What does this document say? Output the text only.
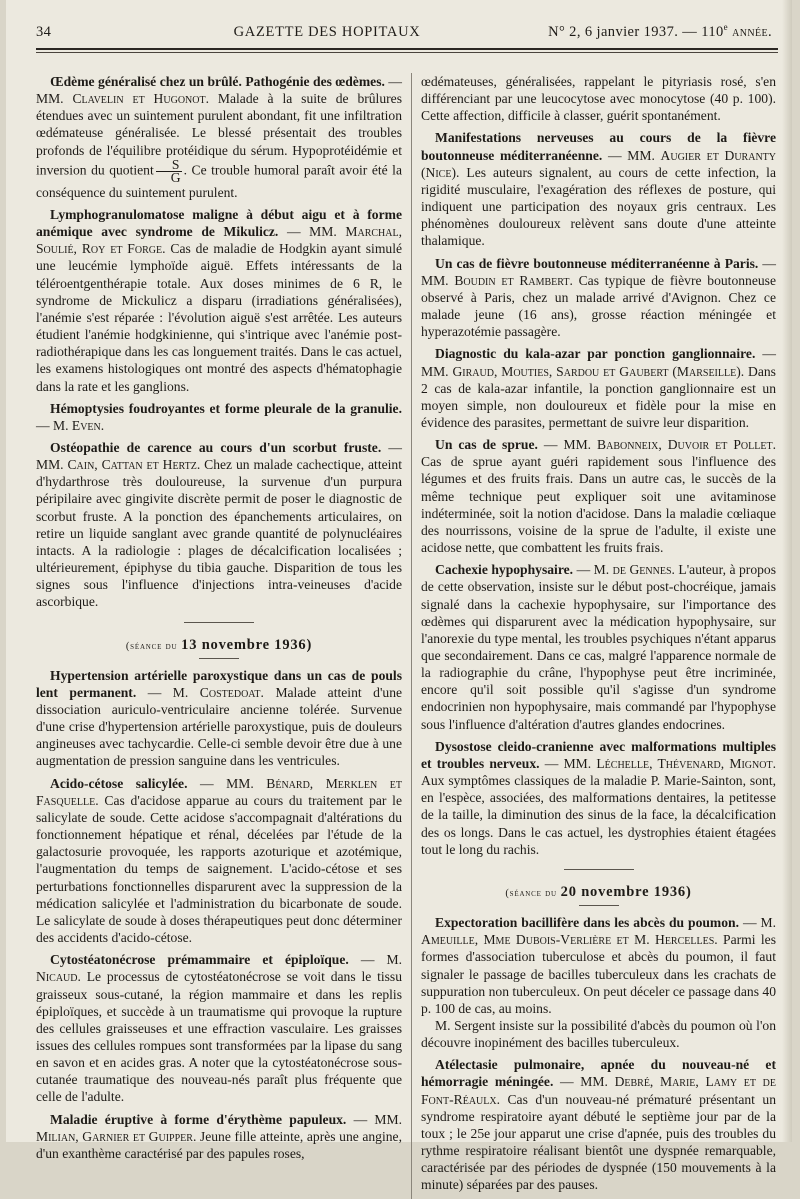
34	GAZETTE DES HOPITAUX	N° 2, 6 janvier 1937. — 110e année.

Œdème généralisé chez un brûlé. Pathogénie des œdèmes. — MM. Clavelin et Hugonot. Malade à la suite de brûlures étendues avec un suintement purulent abondant, fit une infiltration œdémateuse généralisée. Le blessé présentait des troubles profonds de l'équilibre protéidique du sérum. Hypoprotéidémie et inversion du quotient $\frac{S}{G}$ . Ce trouble humoral paraît avoir été la conséquence du suintement purulent.

Lymphogranulomatose maligne à début aigu et à forme anémique avec syndrome de Mikulicz. — MM. Marchal, Soulié, Roy et Forge. Cas de maladie de Hodgkin ayant simulé une leucémie lymphoïde aiguë. Effets intéressants de la téléroentgenthérapie totale. Aux doses minimes de 6 R, le syndrome de Mickulicz a disparu (irradiations généralisées), l'anémie s'est réparée : l'évolution aiguë s'est arrêtée. Les auteurs étudient l'anémie hodgkinienne, qui s'intrique avec l'anémie post-radiothérapique dans les cas longuement traités. Dans le cas actuel, les examens histologiques ont montré des aspects d'hématophagie dans la rate et les ganglions.

Hémoptysies foudroyantes et forme pleurale de la granulie. — M. Even.

Ostéopathie de carence au cours d'un scorbut fruste. — MM. Cain, Cattan et Hertz. Chez un malade cachectique, atteint d'hydarthrose très douloureuse, la survenue d'un purpura péripilaire avec gingivite discrète permit de poser le diagnostic de scorbut fruste. A la ponction des épanchements articulaires, on retire un liquide sanglant avec grande quantité de polynucléaires intacts. A la radiologie : plages de décalcification localisées ; ultérieurement, épiphyse du tibia gauche. Disparition de tous les signes sous l'influence d'injections intra-veineuses d'acide ascorbique.

(séance du 13 novembre 1936)

Hypertension artérielle paroxystique dans un cas de pouls lent permanent. — M. Costedoat. Malade atteint d'une dissociation auriculo-ventriculaire ancienne tolérée. Survenue d'une crise d'hypertension artérielle paroxystique, puis de douleurs angineuses avec tachycardie. Celle-ci semble devoir être due à une augmentation de pression sanguine dans les ventricules.

Acido-cétose salicylée. — MM. Bénard, Merklen et Fasquelle. Cas d'acidose apparue au cours du traitement par le salicylate de soude. Cette acidose s'accompagnait d'altérations du fonctionnement hépatique et rénal, décelées par l'étude de la galactosurie provoquée, les rapports azoturique et azotémique, l'augmentation du temps de saignement. L'acido-cétose et ses perturbations fonctionnelles disparurent avec la suppression de la médication salicylée et l'administration du bicarbonate de soude. Le salicylate de soude à doses thérapeutiques peut donc déterminer des accidents d'acido-cétose.

Cytostéatonécrose prémammaire et épiploïque. — M. Nicaud. Le processus de cytostéatonécrose se voit dans le tissu graisseux sous-cutané, la région mammaire et dans les replis épiploïques, et succède à un traumatisme qui provoque la rupture des cellules graisseuses et une effraction vasculaire. Les graisses issues des cellules rompues sont transformées par la lipase du sang en savon et en acides gras. A noter que la cytostéatonécrose sous-cutanée traumatique des nouveau-nés paraît plus fréquente que celle de l'adulte.

Maladie éruptive à forme d'érythème papuleux. — MM. Milian, Garnier et Guipper. Jeune fille atteinte, après une angine, d'un exanthème caractérisé par des papules roses,

œdémateuses, généralisées, rappelant le pityriasis rosé, s'en différenciant par une leucocytose avec monocytose (40 p. 100). Cette affection, difficile à classer, guérit spontanément.

Manifestations nerveuses au cours de la fièvre boutonneuse méditerranéenne. — MM. Augier et Duranty (Nice). Les auteurs signalent, au cours de cette infection, la rigidité musculaire, l'exagération des réflexes de posture, qui indiquent une participation des noyaux gris centraux. Les phénomènes douloureux relèvent sans doute d'une atteinte thalamique.

Un cas de fièvre boutonneuse méditerranéenne à Paris. — MM. Boudin et Rambert. Cas typique de fièvre boutonneuse observé à Paris, chez un malade arrivé d'Avignon. Chez ce malade jeune (16 ans), grosse réaction méningée et hyperazotémie passagère.

Diagnostic du kala-azar par ponction ganglionnaire. — MM. Giraud, Mouties, Sardou et Gaubert (Marseille). Dans 2 cas de kala-azar infantile, la ponction ganglionnaire est un moyen simple, non douloureux et fidèle pour la mise en évidence des parasites, permettant de suivre leur disparition.

Un cas de sprue. — MM. Babonneix, Duvoir et Pollet. Cas de sprue ayant guéri rapidement sous l'influence des légumes et des fruits frais. Dans un autre cas, le succès de la même technique peut expliquer soit une avitaminose indéterminée, soit la notion d'acidose. Dans la maladie cœliaque des nourrissons, voisine de la sprue de l'adulte, il existe une acidose nette, que combattent les fruits frais.

Cachexie hypophysaire. — M. de Gennes. L'auteur, à propos de cette observation, insiste sur le début post-chocréique, jamais signalé dans la cachexie hypophysaire, sur l'importance des œdèmes qui disparurent avec la médication hypophysaire, sur l'anorexie du type mental, les troubles psychiques n'étant apparus que secondairement. Dans ce cas, malgré l'apparence normale de la radiographie du crâne, l'hypophyse peut être incriminée, encore qu'il soit possible qu'il s'agisse d'un syndrome endocrinien non hypophysaire, mais commandé par l'hypophyse sous l'influence d'altération d'autres glandes endocrines.

Dysostose cleido-cranienne avec malformations multiples et troubles nerveux. — MM. Léchelle, Thévenard, Mignot. Aux symptômes classiques de la maladie P. Marie-Sainton, sont, en l'espèce, associées, des malformations dentaires, la petitesse de la taille, la diminution des sinus de la face, la décalcification des os longs. Dans le cas actuel, les dystrophies étaient étagées tout le long du rachis.

(séance du 20 novembre 1936)

Expectoration bacillifère dans les abcès du poumon. — M. Ameuille, Mme Dubois-Verlière et M. Hercelles. Parmi les formes d'association tuberculose et abcès du poumon, il faut signaler le passage de bacilles tuberculeux dans les crachats de suppuration non tuberculeux. On peut déceler ce passage dans 40 p. 100 de cas, au moins.

M. Sergent insiste sur la possibilité d'abcès du poumon où l'on découvre inopinément des bacilles tuberculeux.

Atélectasie pulmonaire, apnée du nouveau-né et hémorragie méningée. — MM. Debré, Marie, Lamy et de Font-Réaulx. Cas d'un nouveau-né prématuré présentant un syndrome respiratoire ayant débuté le septième jour par de la toux ; le 25e jour apparut une crise d'apnée, puis des troubles du rythme respiratoire réalisant bientôt une dyspnée remarquable, caractérisée par des périodes de dyspnée (150 mouvements à la minute) séparées par des pauses.
